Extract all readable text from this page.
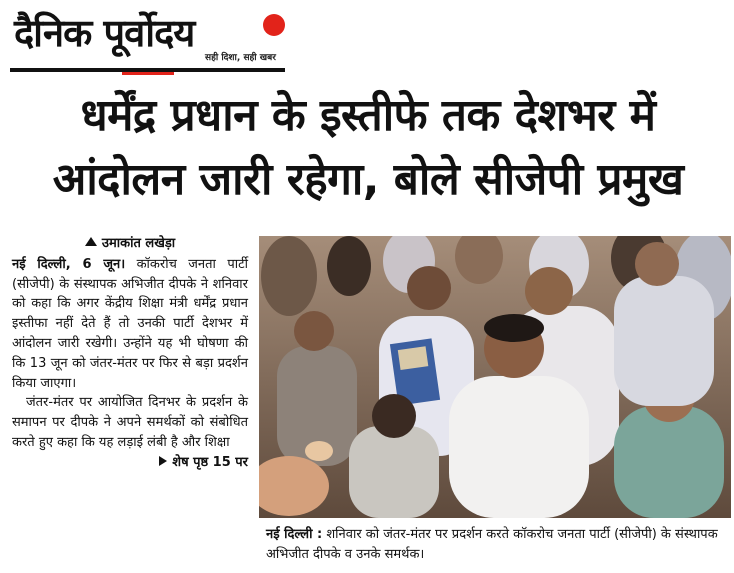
दैनिक पूर्वोदय
सही दिशा, सही खबर
धर्मेंद्र प्रधान के इस्तीफे तक देशभर में
आंदोलन जारी रहेगा, बोले सीजेपी प्रमुख
उमाकांत लखेड़ा

नई दिल्ली, 6 जून। कॉकरोच जनता पार्टी (सीजेपी) के संस्थापक अभिजीत दीपके ने शनिवार को कहा कि अगर केंद्रीय शिक्षा मंत्री धर्मेंद्र प्रधान इस्तीफा नहीं देते हैं तो उनकी पार्टी देशभर में आंदोलन जारी रखेगी। उन्होंने यह भी घोषणा की कि 13 जून को जंतर-मंतर पर फिर से बड़ा प्रदर्शन किया जाएगा।

जंतर-मंतर पर आयोजित दिनभर के प्रदर्शन के समापन पर दीपके ने अपने समर्थकों को संबोधित करते हुए कहा कि यह लड़ाई लंबी है और शिक्षा
शेष पृष्ठ 15 पर

नई दिल्ली : शनिवार को जंतर-मंतर पर प्रदर्शन करते कॉकरोच जनता पार्टी (सीजेपी) के संस्थापक अभिजीत दीपके व उनके समर्थक।
